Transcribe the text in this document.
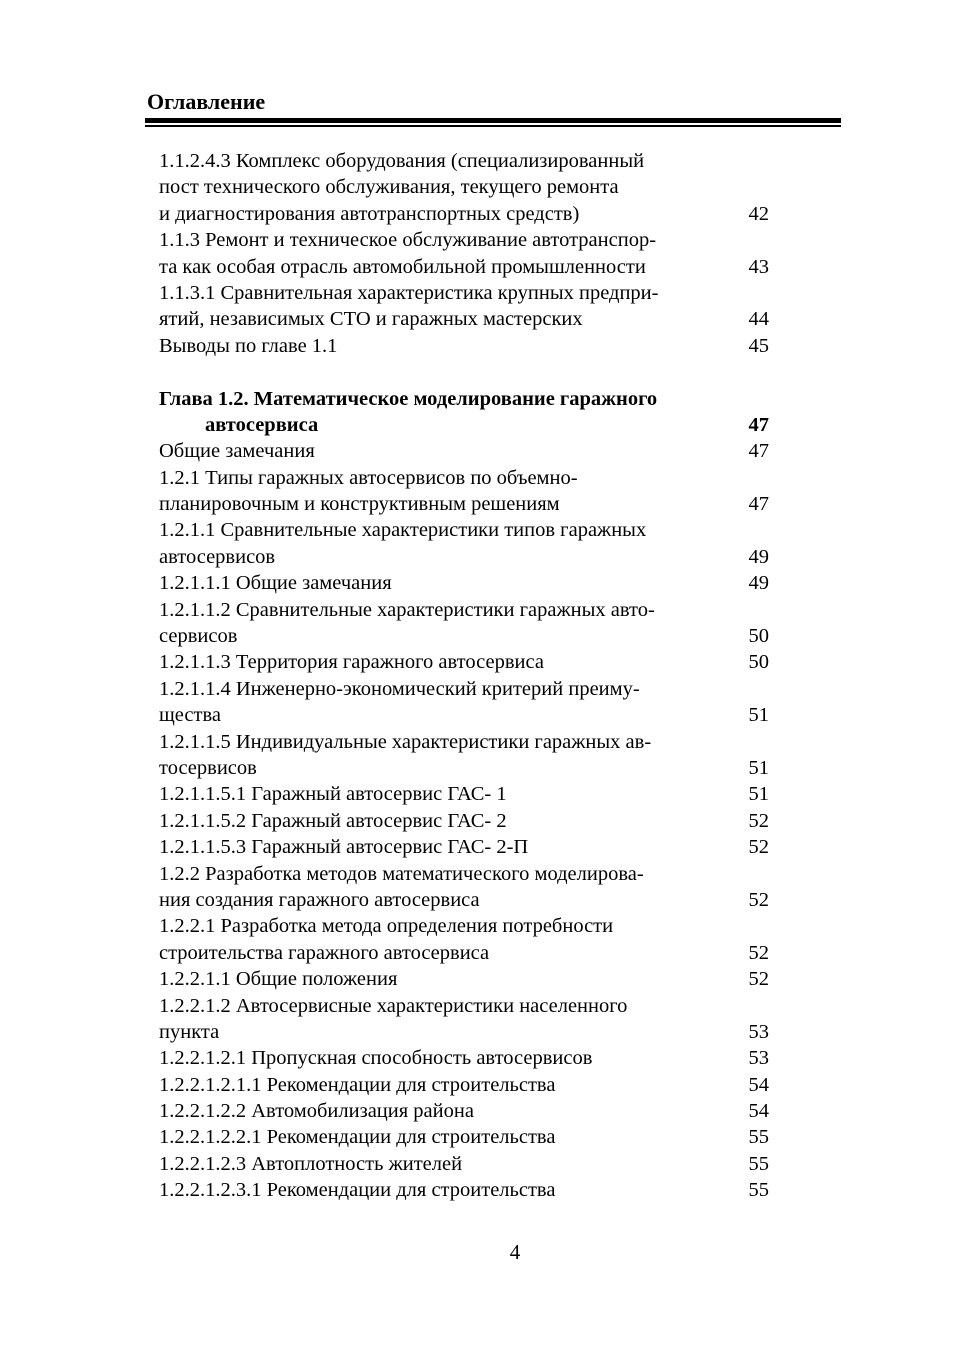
Оглавление
1.1.2.4.3 Комплекс оборудования (специализированный
пост технического обслуживания, текущего ремонта
и диагностирования автотранспортных средств)	42
1.1.3 Ремонт и техническое обслуживание автотранспор-
та как особая отрасль автомобильной промышленности	43
1.1.3.1 Сравнительная характеристика крупных предпри-
ятий, независимых СТО и гаражных мастерских	44
Выводы по главе 1.1	45
Глава 1.2. Математическое моделирование гаражного
автосервиса	47
Общие замечания	47
1.2.1 Типы гаражных автосервисов по объемно-
планировочным и конструктивным решениям	47
1.2.1.1 Сравнительные характеристики типов гаражных
автосервисов	49
1.2.1.1.1 Общие замечания	49
1.2.1.1.2 Сравнительные характеристики гаражных авто-
сервисов	50
1.2.1.1.3 Территория гаражного автосервиса	50
1.2.1.1.4 Инженерно-экономический критерий преиму-
щества	51
1.2.1.1.5 Индивидуальные характеристики гаражных ав-
тосервисов	51
1.2.1.1.5.1 Гаражный автосервис ГАС- 1	51
1.2.1.1.5.2 Гаражный автосервис ГАС- 2	52
1.2.1.1.5.3 Гаражный автосервис ГАС- 2-П	52
1.2.2 Разработка методов математического моделирова-
ния создания гаражного автосервиса	52
1.2.2.1 Разработка метода определения потребности
строительства гаражного автосервиса	52
1.2.2.1.1 Общие положения	52
1.2.2.1.2 Автосервисные характеристики населенного
пункта	53
1.2.2.1.2.1 Пропускная способность автосервисов	53
1.2.2.1.2.1.1 Рекомендации для строительства	54
1.2.2.1.2.2 Автомобилизация района	54
1.2.2.1.2.2.1 Рекомендации для строительства	55
1.2.2.1.2.3 Автоплотность жителей	55
1.2.2.1.2.3.1 Рекомендации для строительства	55
4
